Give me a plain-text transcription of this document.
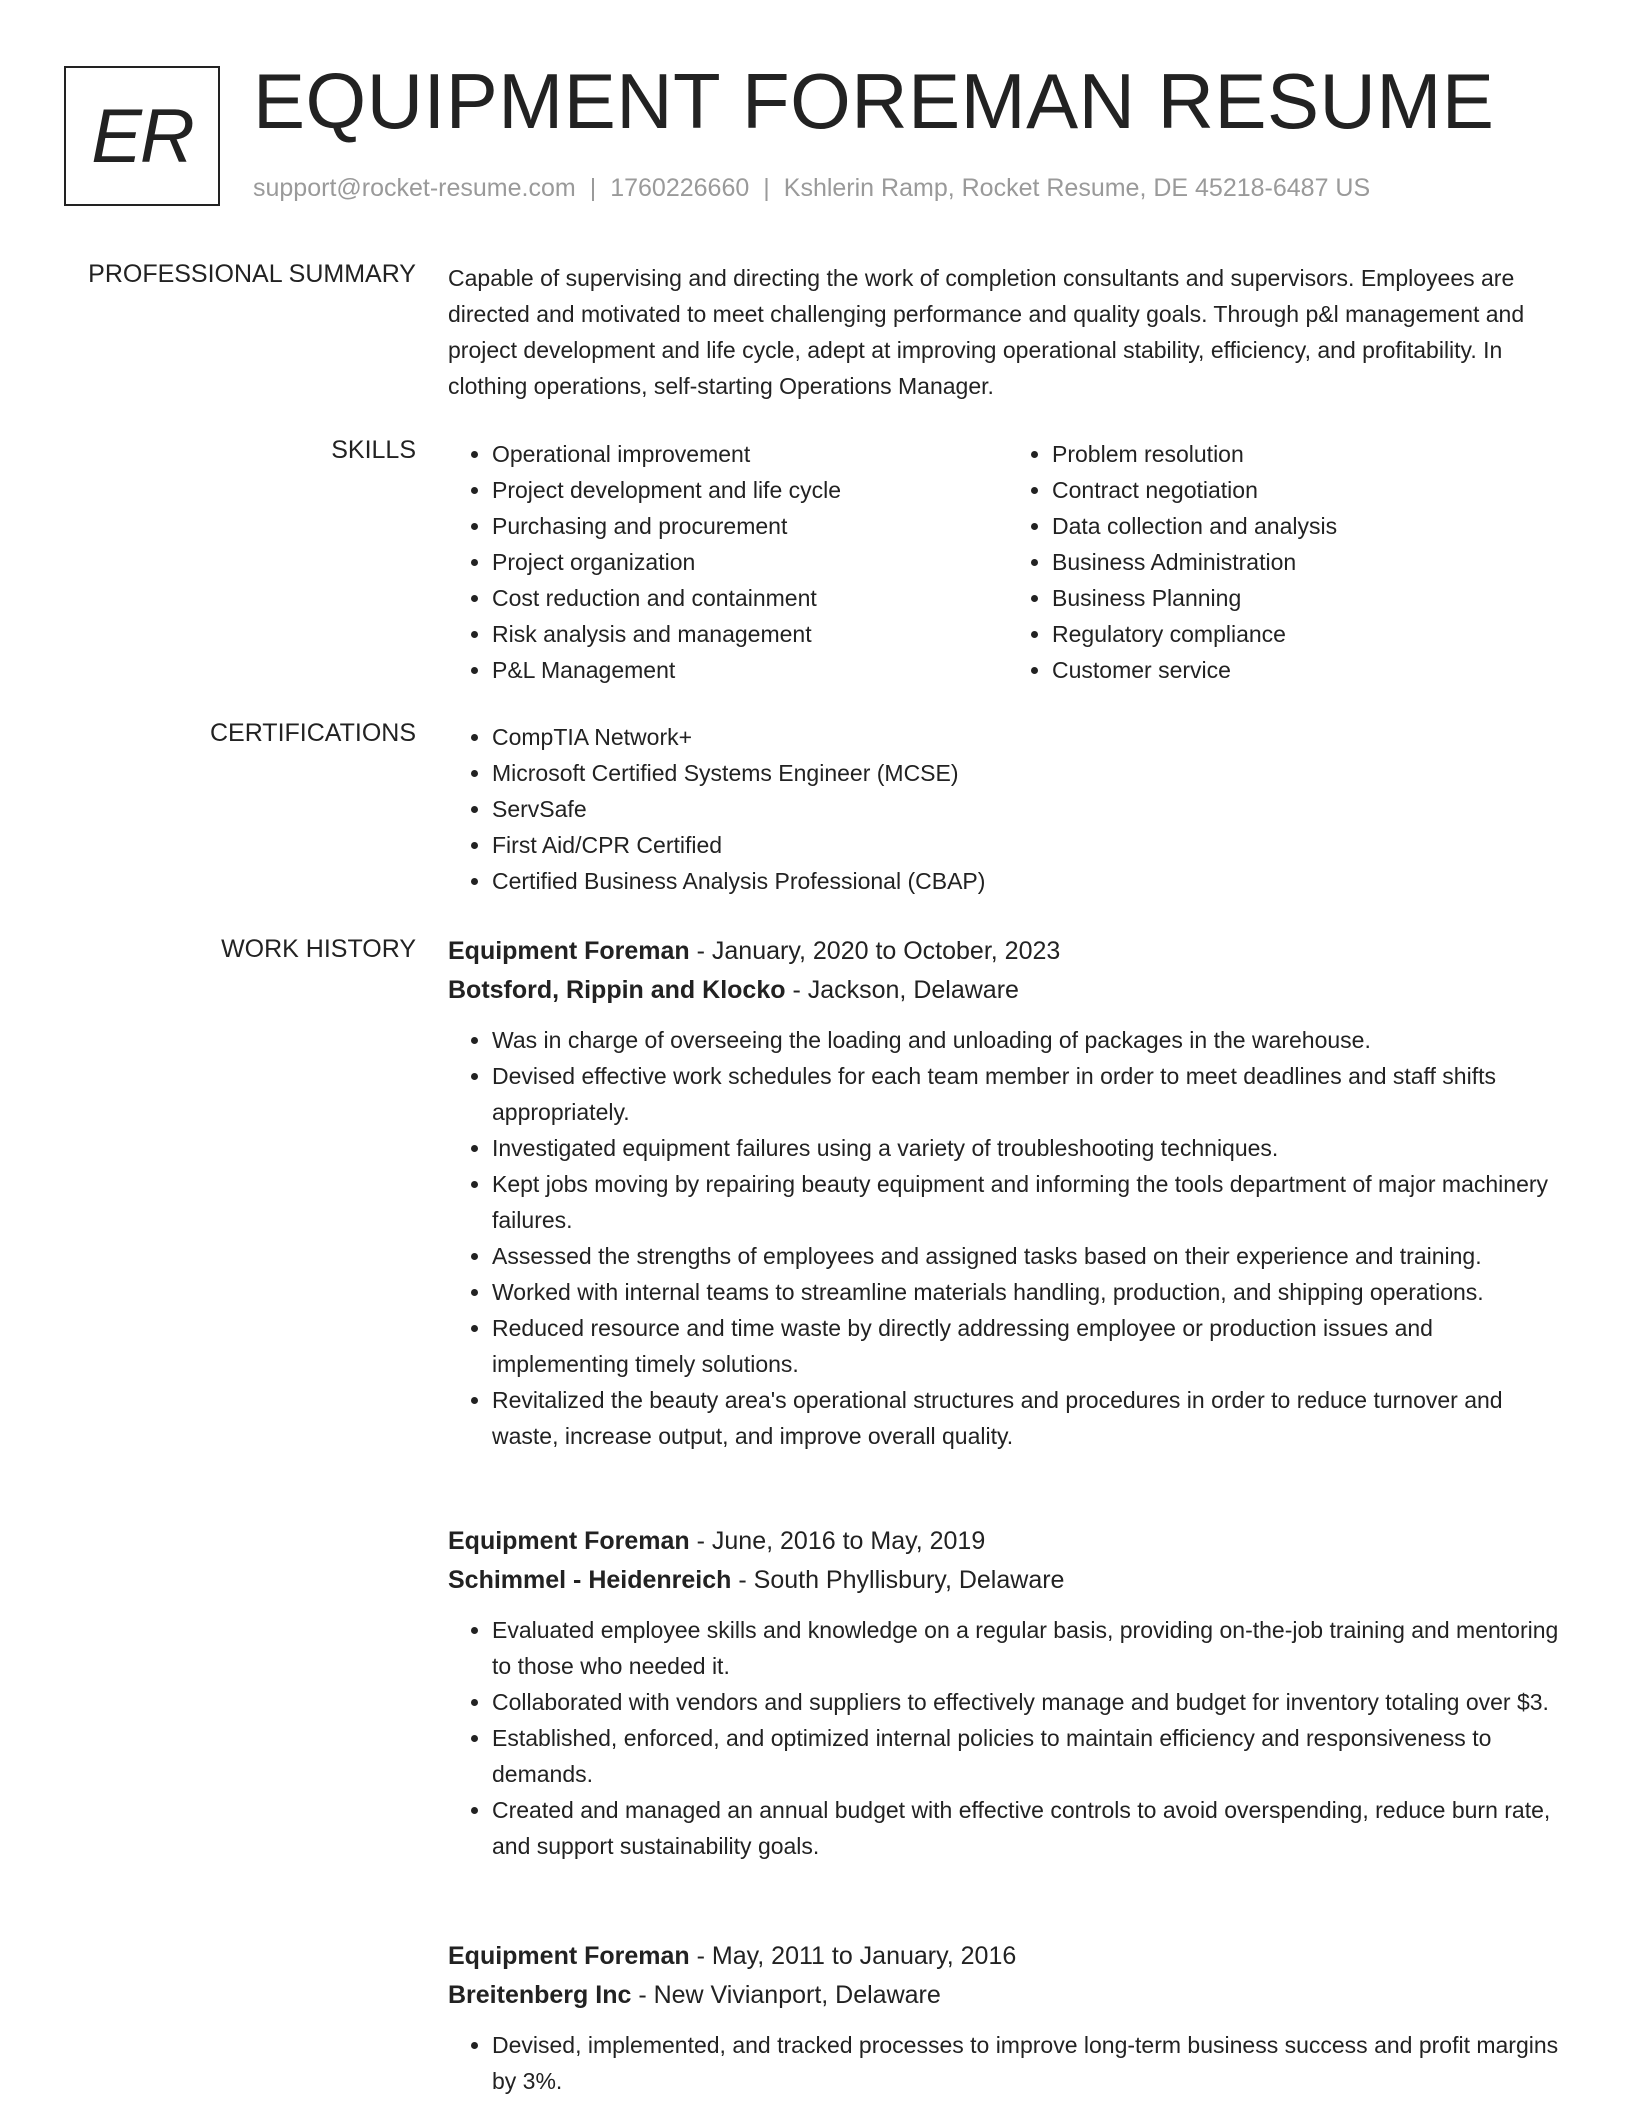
ER EQUIPMENT FOREMAN RESUME
support@rocket-resume.com | 1760226660 | Kshlerin Ramp, Rocket Resume, DE 45218-6487 US
PROFESSIONAL SUMMARY Capable of supervising and directing the work of completion consultants and supervisors. Employees are directed and motivated to meet challenging performance and quality goals. Through p&l management and project development and life cycle, adept at improving operational stability, efficiency, and profitability. In clothing operations, self-starting Operations Manager.

SKILLS	• Operational improvement
• Project development and life cycle
• Purchasing and procurement
• Project organization
• Cost reduction and containment
• Risk analysis and management
• P&L Management
• Problem resolution
• Contract negotiation
• Data collection and analysis
• Business Administration
• Business Planning
• Regulatory compliance
• Customer service
CERTIFICATIONS	• CompTIA Network+
• Microsoft Certified Systems Engineer (MCSE)
• ServSafe
• First Aid/CPR Certified
• Certified Business Analysis Professional (CBAP)
WORK HISTORY Equipment Foreman - January, 2020 to October, 2023
Botsford, Rippin and Klocko - Jackson, Delaware
• Was in charge of overseeing the loading and unloading of packages in the warehouse.
• Devised effective work schedules for each team member in order to meet deadlines and staff shifts appropriately.
• Investigated equipment failures using a variety of troubleshooting techniques.
• Kept jobs moving by repairing beauty equipment and informing the tools department of major machinery failures.
• Assessed the strengths of employees and assigned tasks based on their experience and training.
• Worked with internal teams to streamline materials handling, production, and shipping operations.
• Reduced resource and time waste by directly addressing employee or production issues and implementing timely solutions.
• Revitalized the beauty area's operational structures and procedures in order to reduce turnover and waste, increase output, and improve overall quality.
Equipment Foreman - June, 2016 to May, 2019
Schimmel - Heidenreich - South Phyllisbury, Delaware
• Evaluated employee skills and knowledge on a regular basis, providing on-the-job training and mentoring to those who needed it.
• Collaborated with vendors and suppliers to effectively manage and budget for inventory totaling over $3.
• Established, enforced, and optimized internal policies to maintain efficiency and responsiveness to demands.
• Created and managed an annual budget with effective controls to avoid overspending, reduce burn rate, and support sustainability goals.
Equipment Foreman - May, 2011 to January, 2016
Breitenberg Inc - New Vivianport, Delaware
• Devised, implemented, and tracked processes to improve long-term business success and profit margins by 3%.
